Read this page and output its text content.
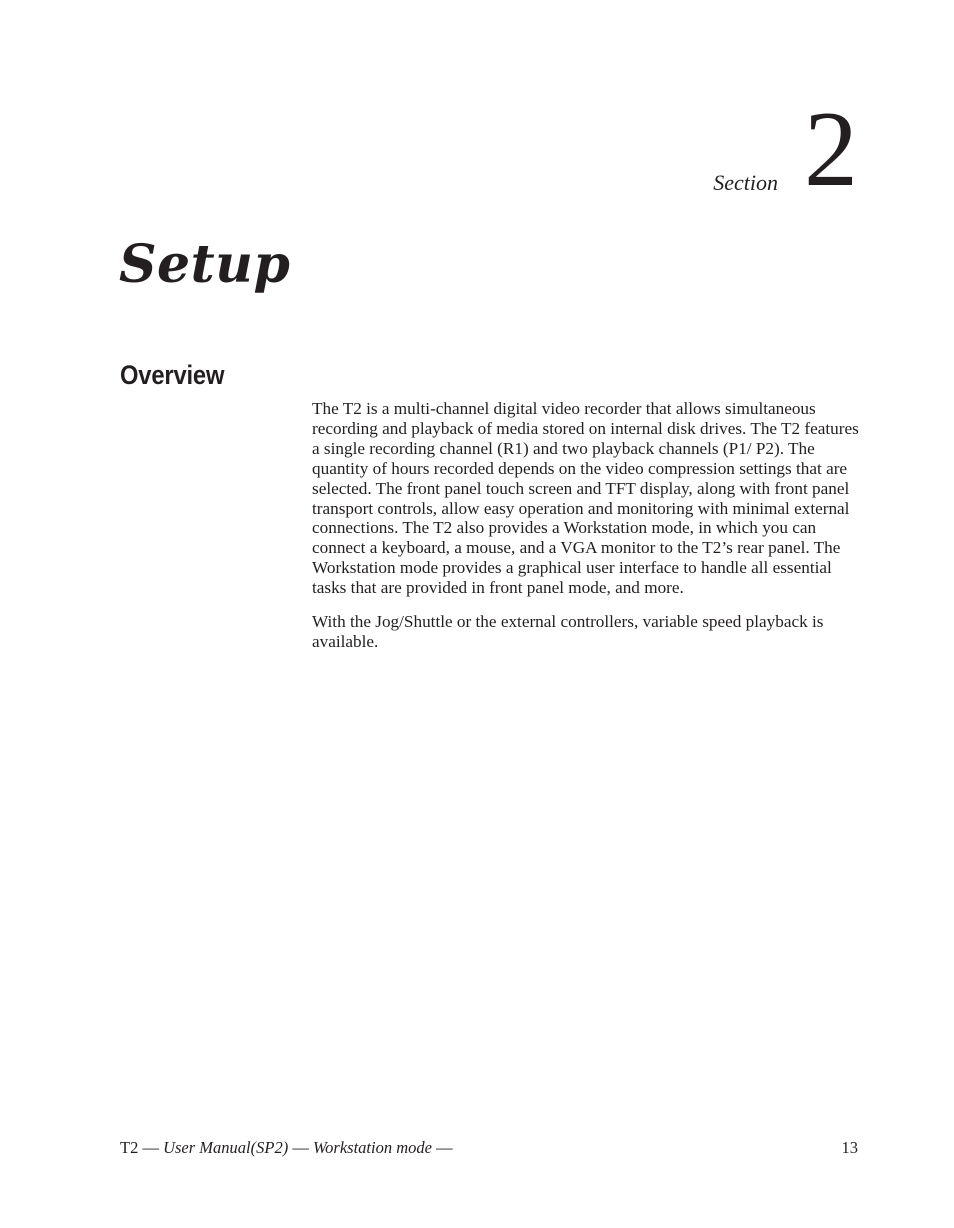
Section 2
Setup
Overview

The T2 is a multi-channel digital video recorder that allows simultaneous recording and playback of media stored on internal disk drives. The T2 features a single recording channel (R1) and two playback channels (P1/ P2). The quantity of hours recorded depends on the video compression settings that are selected. The front panel touch screen and TFT display, along with front panel transport controls, allow easy operation and monitoring with minimal external connections. The T2 also provides a Workstation mode, in which you can connect a keyboard, a mouse, and a VGA monitor to the T2’s rear panel. The Workstation mode provides a graphical user interface to handle all essential tasks that are provided in front panel mode, and more.

With the Jog/Shuttle or the external controllers, variable speed playback is available.

T2 — User Manual(SP2) — Workstation mode —	13
